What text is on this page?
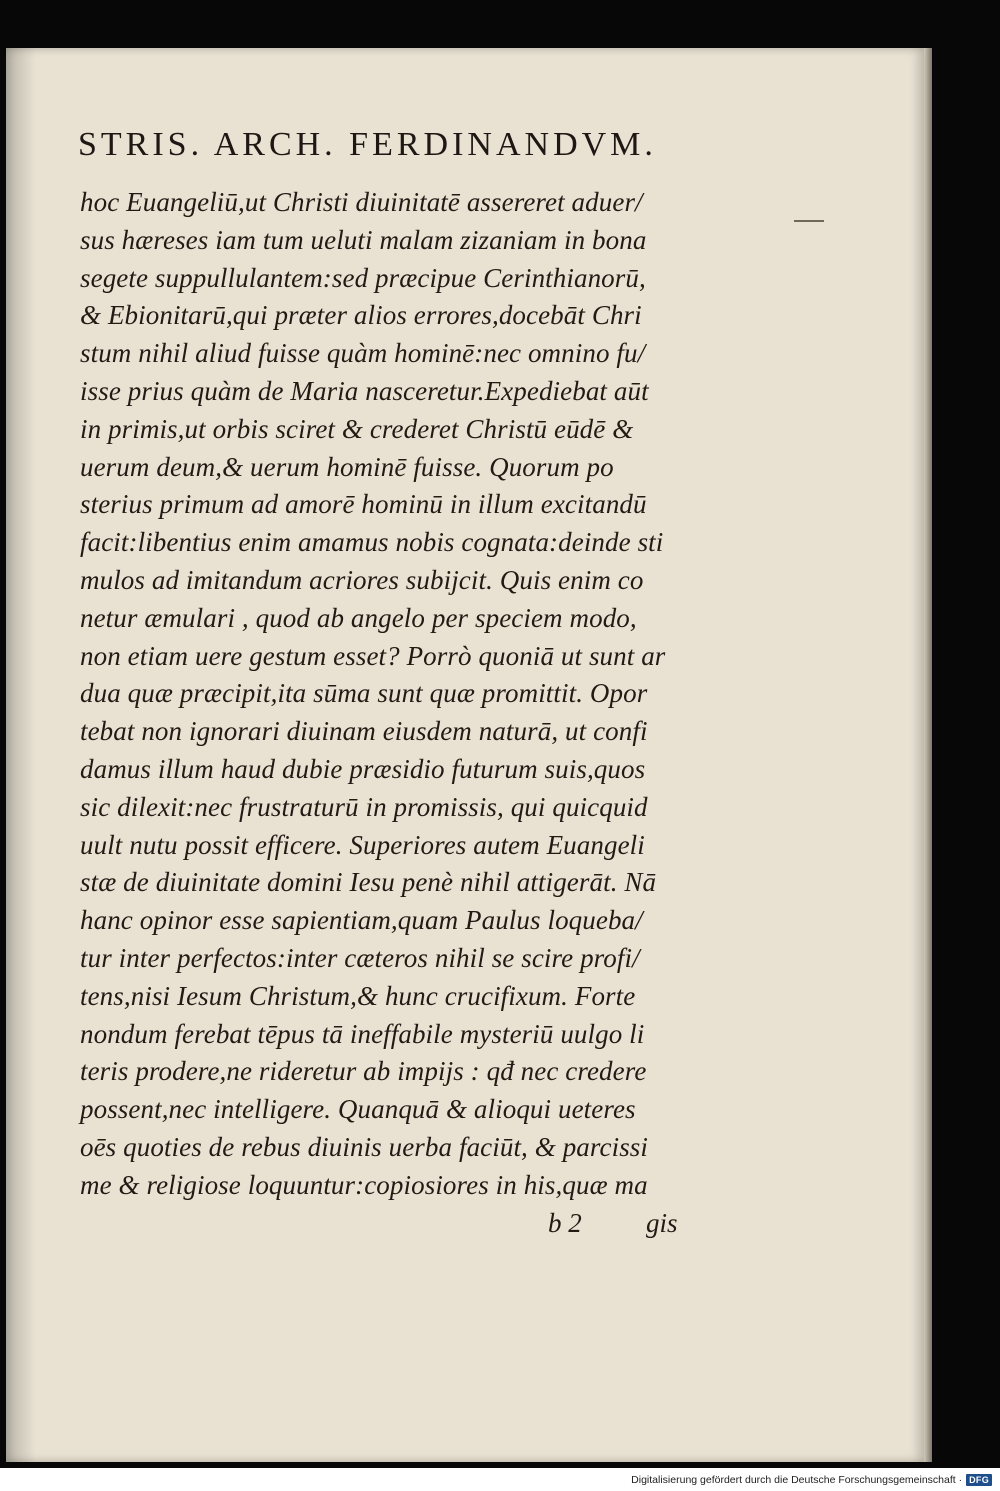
STRIS. ARCH. FERDINANDVM.
hoc Euangeliū,ut Christi diuinitatē assereret aduer/
sus hæreses iam tum ueluti malam zizaniam in bona
segete suppullulantem:sed præcipue Cerinthianorū,
& Ebionitarū,qui præter alios errores,docebāt Chri
stum nihil aliud fuisse quàm hominē:nec omnino fu/
isse prius quàm de Maria nasceretur.Expediebat aūt
in primis,ut orbis sciret & crederet Christū eūdē &
uerum deum,& uerum hominē fuisse. Quorum po
sterius primum ad amorē hominū in illum excitandū
facit:libentius enim amamus nobis cognata:deinde sti
mulos ad imitandum acriores subijcit. Quis enim co
netur æmulari , quod ab angelo per speciem modo,
non etiam uere gestum esset? Porrò quoniā ut sunt ar
dua quæ præcipit,ita sūma sunt quæ promittit. Opor
tebat non ignorari diuinam eiusdem naturā, ut confi
damus illum haud dubie præsidio futurum suis,quos
sic dilexit:nec frustraturū in promissis, qui quicquid
uult nutu possit efficere. Superiores autem Euangeli
stæ de diuinitate domini Iesu penè nihil attigerāt. Nā
hanc opinor esse sapientiam,quam Paulus loqueba/
tur inter perfectos:inter cæteros nihil se scire profi/
tens,nisi Iesum Christum,& hunc crucifixum. Forte
nondum ferebat tēpus tā ineffabile mysteriū uulgo li
teris prodere,ne rideretur ab impijs : qđ nec credere
possent,nec intelligere. Quanquā & alioqui ueteres
oēs quoties de rebus diuinis uerba faciūt, & parcissi
me & religiose loquuntur:copiosiores in his,quæ ma
b 2 gis
Digitalisierung gefördert durch die Deutsche Forschungsgemeinschaft · DFG
